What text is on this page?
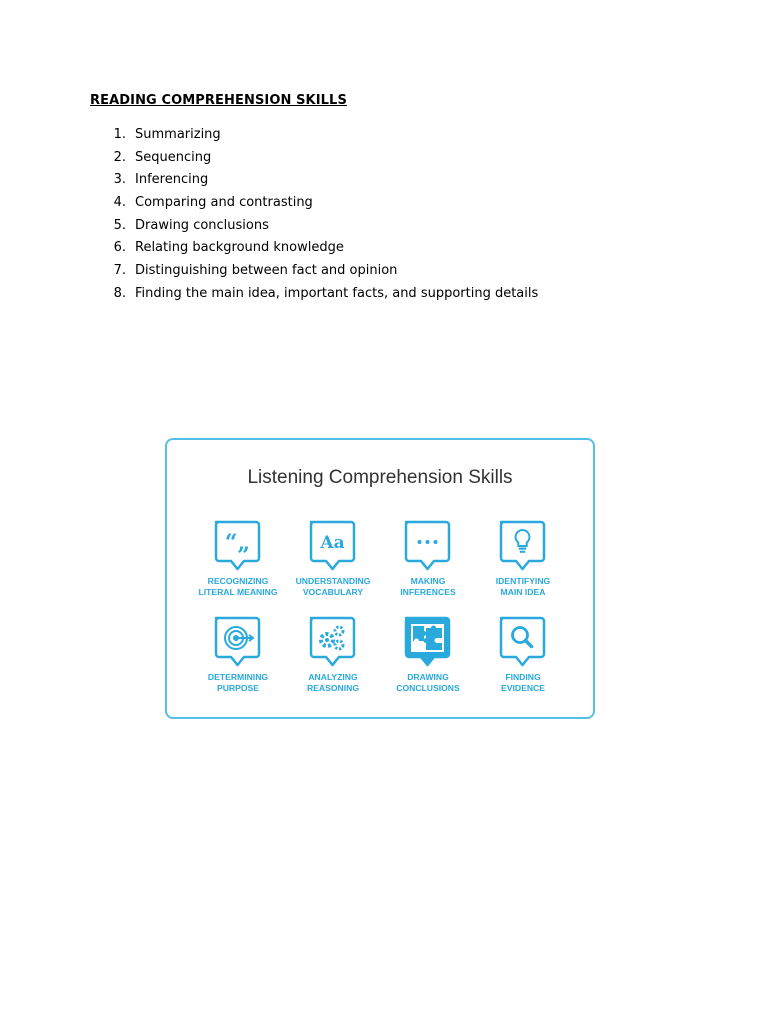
READING COMPREHENSION SKILLS
1. Summarizing
2. Sequencing
3. Inferencing
4. Comparing and contrasting
5. Drawing conclusions
6. Relating background knowledge
7. Distinguishing between fact and opinion
8. Finding the main idea, important facts, and supporting details
Listening Comprehension Skills
“„
RECOGNIZING
LITERAL MEANING
Aa
UNDERSTANDING
VOCABULARY
MAKING
INFERENCES
IDENTIFYING
MAIN IDEA
DETERMINING
PURPOSE
ANALYZING
REASONING
DRAWING
CONCLUSIONS
FINDING
EVIDENCE
